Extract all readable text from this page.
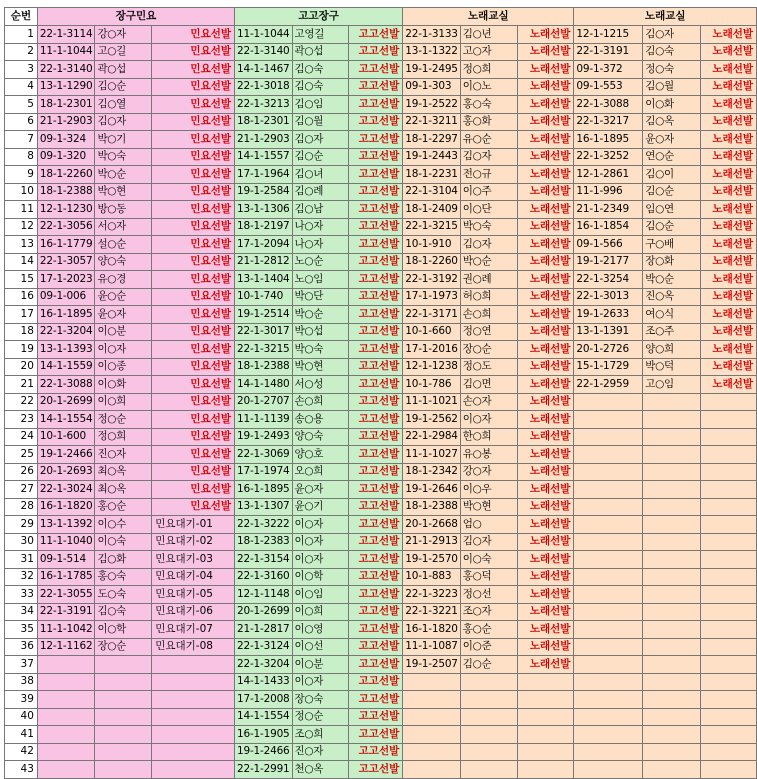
순번	장구민요			고고장구			노래교실			노래교실		
1	22-1-3114	강○자	민요선발	11-1-1044	고영길	고고선발	22-1-3133	김○년	노래선발	12-1-1215	김○자	노래선발
2	11-1-1044	고○길	민요선발	22-1-3140	곽○섭	고고선발	13-1-1322	고○자	노래선발	22-1-3191	김○숙	노래선발
3	22-1-3140	곽○섭	민요선발	14-1-1467	김○숙	고고선발	19-1-2495	정○희	노래선발	09-1-372	정○숙	노래선발
4	13-1-1290	김○순	민요선발	22-1-3018	김○숙	고고선발	09-1-303	이○노	노래선발	09-1-553	김○월	노래선발
5	18-1-2301	김○열	민요선발	22-1-3213	김○임	고고선발	19-1-2522	홍○숙	노래선발	22-1-3088	이○화	노래선발
6	21-1-2903	김○자	민요선발	18-1-2301	김○월	고고선발	22-1-3211	홍○화	노래선발	22-1-3217	김○옥	노래선발
7	09-1-324	박○기	민요선발	21-1-2903	김○자	고고선발	18-1-2297	유○순	노래선발	16-1-1895	윤○자	노래선발
8	09-1-320	박○숙	민요선발	14-1-1557	김○순	고고선발	19-1-2443	김○자	노래선발	22-1-3252	연○순	노래선발
9	18-1-2260	박○순	민요선발	17-1-1964	김○녀	고고선발	18-1-2231	전○규	노래선발	12-1-2861	김○이	노래선발
10	18-1-2388	박○현	민요선발	19-1-2584	김○례	고고선발	22-1-3104	이○주	노래선발	11-1-996	김○순	노래선발
11	12-1-1230	방○동	민요선발	13-1-1306	김○남	고고선발	18-1-2409	이○단	노래선발	21-1-2349	임○연	노래선발
12	22-1-3056	서○자	민요선발	18-1-2197	나○자	고고선발	22-1-3215	박○숙	노래선발	16-1-1854	김○순	노래선발
13	16-1-1779	설○순	민요선발	17-1-2094	나○자	고고선발	10-1-910	김○자	노래선발	09-1-566	구○배	노래선발
14	22-1-3057	양○숙	민요선발	21-1-2812	노○순	고고선발	18-1-2260	박○순	노래선발	19-1-2177	장○화	노래선발
15	17-1-2023	유○경	민요선발	13-1-1404	노○임	고고선발	22-1-3192	권○례	노래선발	22-1-3254	박○순	노래선발
16	09-1-006	윤○순	민요선발	10-1-740	박○단	고고선발	17-1-1973	허○희	노래선발	22-1-3013	진○옥	노래선발
17	16-1-1895	윤○자	민요선발	19-1-2514	박○순	고고선발	22-1-3171	손○희	노래선발	19-1-2633	여○식	노래선발
18	22-1-3204	이○분	민요선발	22-1-3017	박○섭	고고선발	10-1-660	정○연	노래선발	13-1-1391	조○주	노래선발
19	13-1-1393	이○자	민요선발	22-1-3215	박○숙	고고선발	17-1-2016	장○순	노래선발	20-1-2726	양○희	노래선발
20	14-1-1559	이○종	민요선발	18-1-2388	박○현	고고선발	12-1-1238	정○도	노래선발	15-1-1729	박○덕	노래선발
21	22-1-3088	이○화	민요선발	14-1-1480	서○성	고고선발	10-1-786	김○면	노래선발	22-1-2959	고○임	노래선발
22	20-1-2699	이○희	민요선발	20-1-2707	손○희	고고선발	11-1-1021	손○자	노래선발			
23	14-1-1554	정○순	민요선발	11-1-1139	송○용	고고선발	19-1-2562	이○자	노래선발			
24	10-1-600	정○희	민요선발	19-1-2493	양○숙	고고선발	22-1-2984	한○희	노래선발			
25	19-1-2466	진○자	민요선발	22-1-3069	양○호	고고선발	11-1-1027	유○봉	노래선발			
26	20-1-2693	최○옥	민요선발	17-1-1974	오○희	고고선발	18-1-2342	강○자	노래선발			
27	22-1-3024	최○옥	민요선발	16-1-1895	윤○자	고고선발	19-1-2646	이○우	노래선발			
28	16-1-1820	홍○순	민요선발	13-1-1307	윤○기	고고선발	18-1-2388	박○현	노래선발			
29	13-1-1392	이○수	민요대기-01	22-1-3222	이○자	고고선발	20-1-2668	엄○	노래선발			
30	11-1-1040	이○숙	민요대기-02	18-1-2383	이○자	고고선발	21-1-2913	김○자	노래선발			
31	09-1-514	김○화	민요대기-03	22-1-3154	이○자	고고선발	19-1-2570	이○숙	노래선발			
32	16-1-1785	홍○숙	민요대기-04	22-1-3160	이○학	고고선발	10-1-883	홍○덕	노래선발			
33	22-1-3055	도○숙	민요대기-05	12-1-1148	이○임	고고선발	22-1-3223	정○선	노래선발			
34	22-1-3191	김○숙	민요대기-06	20-1-2699	이○희	고고선발	22-1-3221	조○자	노래선발			
35	11-1-1042	이○학	민요대기-07	21-1-2817	이○영	고고선발	16-1-1820	홍○순	노래선발			
36	12-1-1162	장○순	민요대기-08	22-1-3124	이○선	고고선발	11-1-1087	이○준	노래선발			
37				22-1-3204	이○분	고고선발	19-1-2507	김○순	노래선발			
38				14-1-1433	이○자	고고선발						
39				17-1-2008	장○숙	고고선발						
40				14-1-1554	정○순	고고선발						
41				16-1-1905	조○희	고고선발						
42				19-1-2466	진○자	고고선발						
43				22-1-2991	천○옥	고고선발						
